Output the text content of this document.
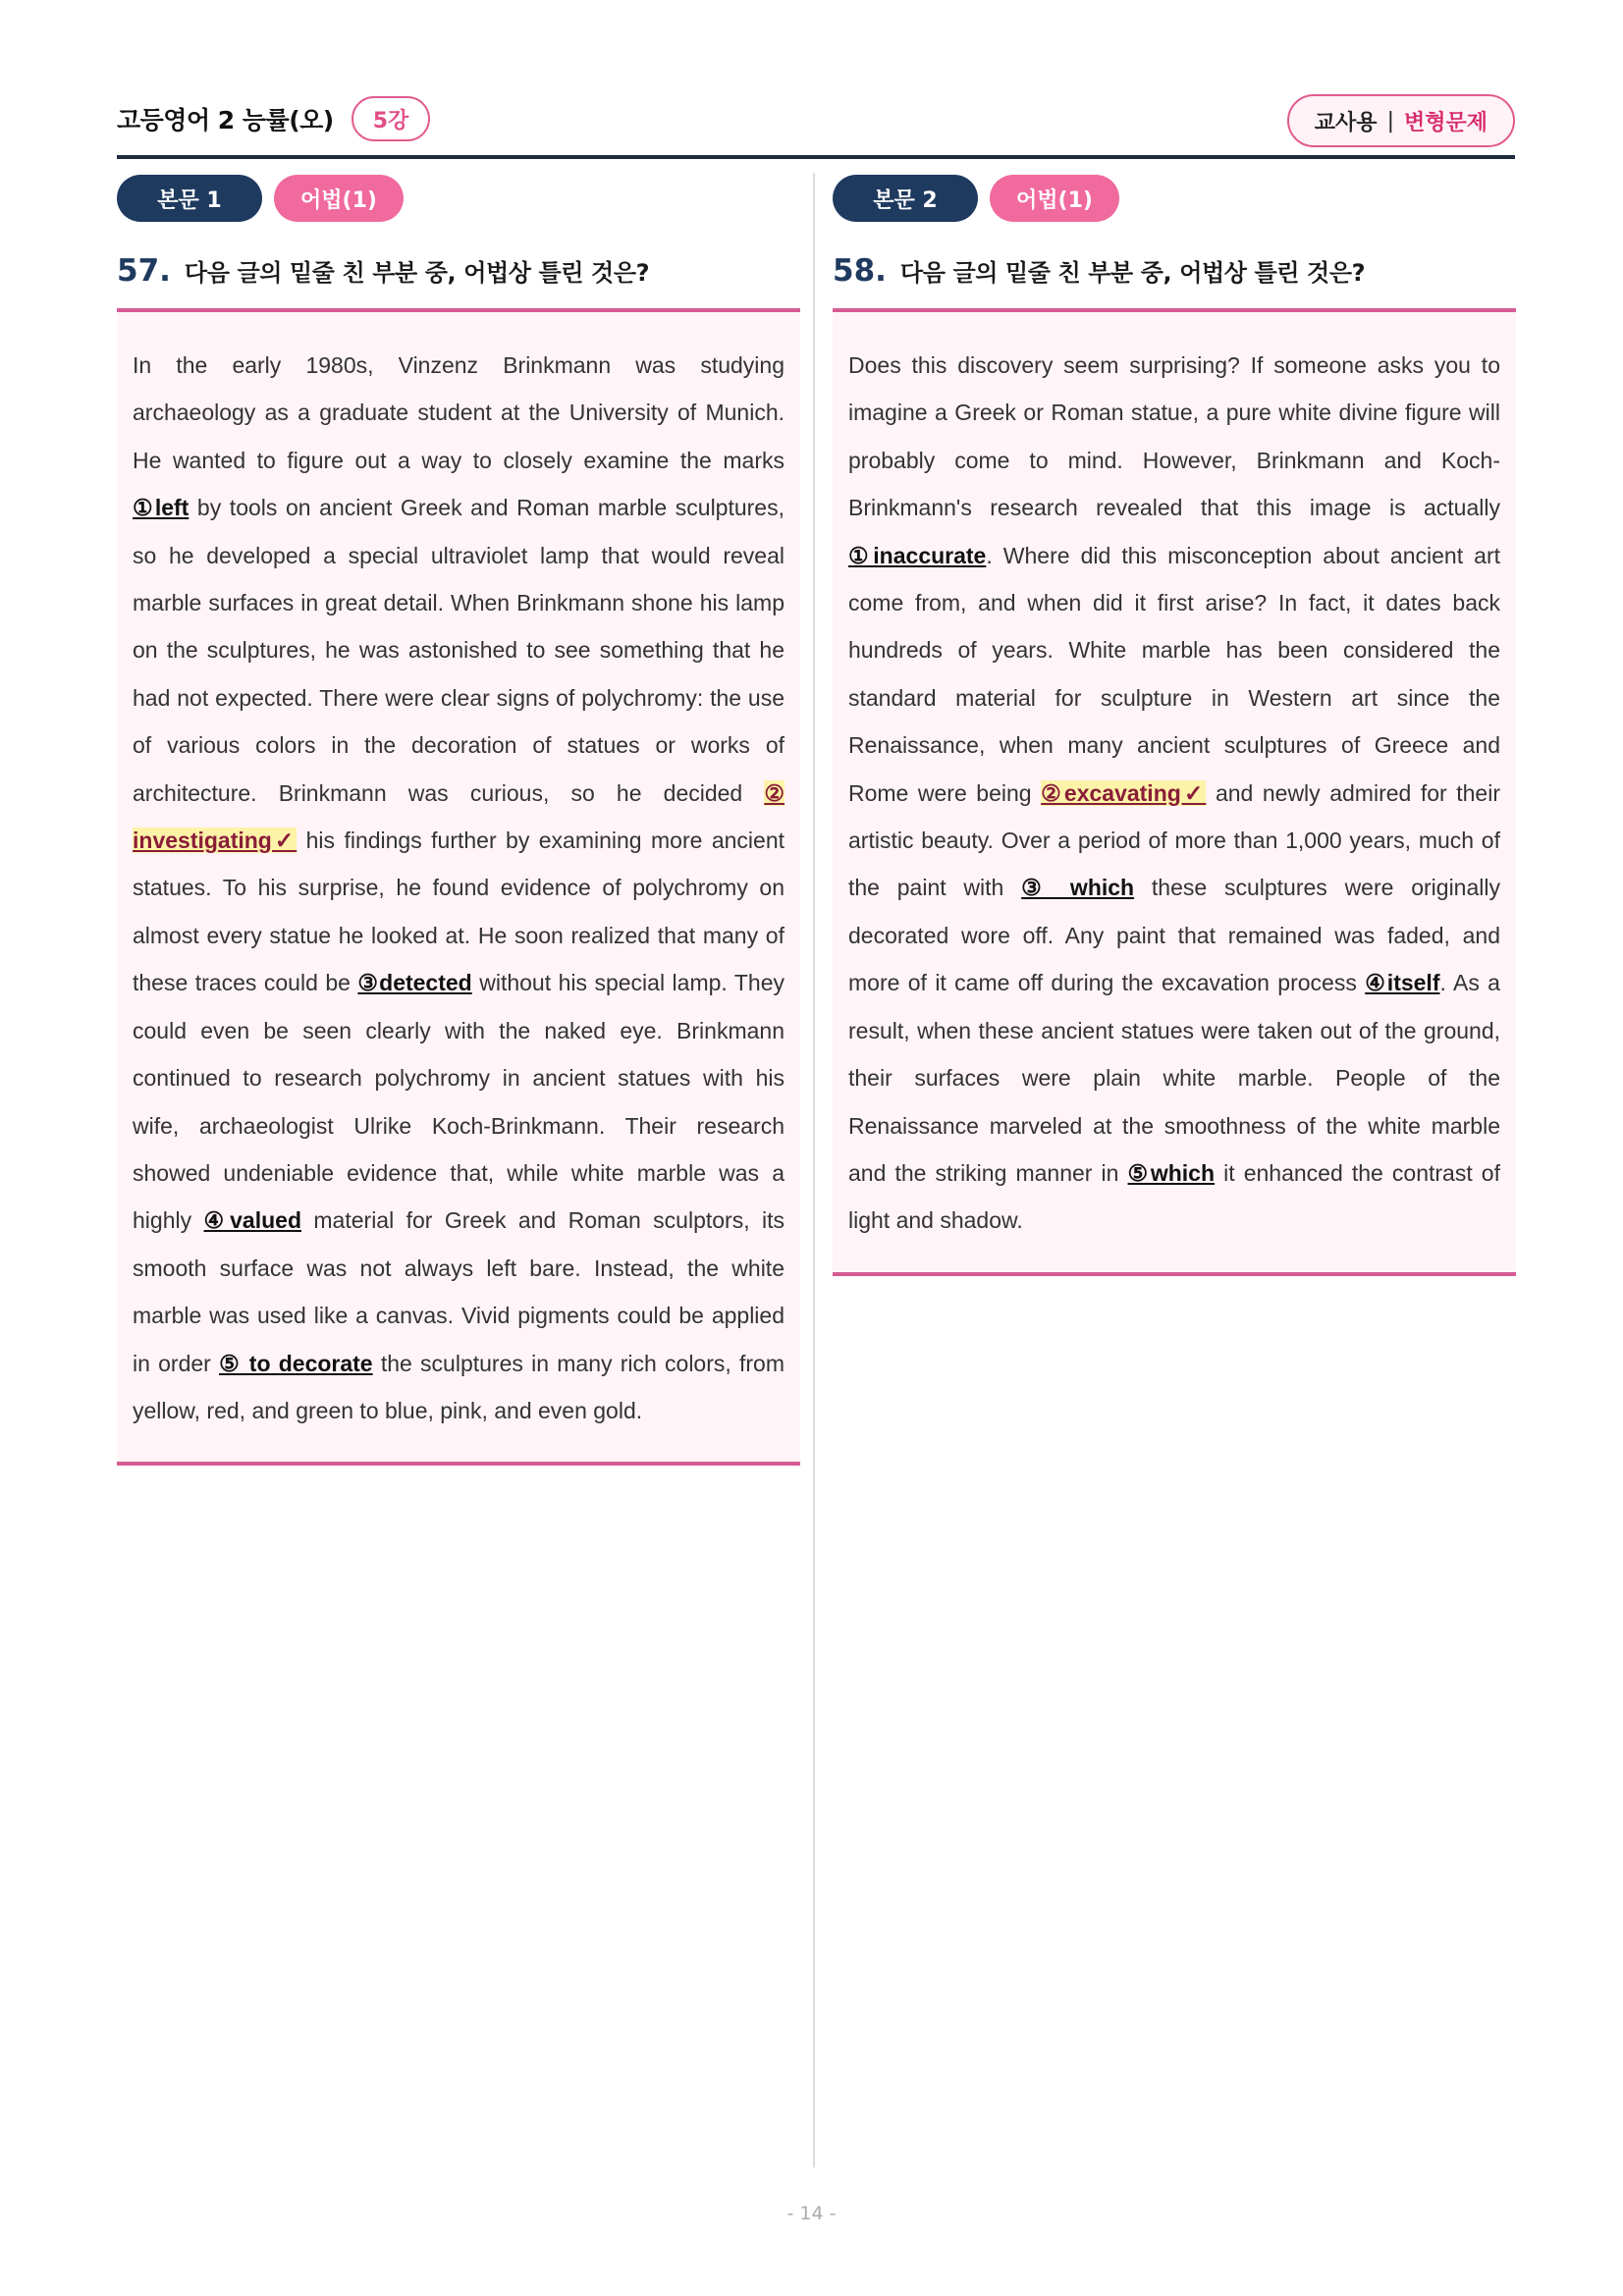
고등영어 2 능률(오)	5강	교사용 | 변형문제
본문 1	어법(1)
57. 다음 글의 밑줄 친 부분 중, 어법상 틀린 것은?

In the early 1980s, Vinzenz Brinkmann was studying archaeology as a graduate student at the University of Munich. He wanted to figure out a way to closely examine the marks ①left by tools on ancient Greek and Roman marble sculptures, so he developed a special ultraviolet lamp that would reveal marble surfaces in great detail. When Brinkmann shone his lamp on the sculptures, he was astonished to see something that he had not expected. There were clear signs of polychromy: the use of various colors in the decoration of statues or works of architecture. Brinkmann was curious, so he decided ② investigating✓ his findings further by examining more ancient statues. To his surprise, he found evidence of polychromy on almost every statue he looked at. He soon realized that many of these traces could be ③detected without his special lamp. They could even be seen clearly with the naked eye. Brinkmann continued to research polychromy in ancient statues with his wife, archaeologist Ulrike Koch-Brinkmann. Their research showed undeniable evidence that, while white marble was a highly ④valued material for Greek and Roman sculptors, its smooth surface was not always left bare. Instead, the white marble was used like a canvas. Vivid pigments could be applied in order ⑤ to decorate the sculptures in many rich colors, from yellow, red, and green to blue, pink, and even gold.

본문 2	어법(1)
58. 다음 글의 밑줄 친 부분 중, 어법상 틀린 것은?

Does this discovery seem surprising? If someone asks you to imagine a Greek or Roman statue, a pure white divine figure will probably come to mind. However, Brinkmann and Koch-Brinkmann's research revealed that this image is actually ①inaccurate. Where did this misconception about ancient art come from, and when did it first arise? In fact, it dates back hundreds of years. White marble has been considered the standard material for sculpture in Western art since the Renaissance, when many ancient sculptures of Greece and Rome were being ②excavating✓ and newly admired for their artistic beauty. Over a period of more than 1,000 years, much of the paint with ③ which these sculptures were originally decorated wore off. Any paint that remained was faded, and more of it came off during the excavation process ④itself. As a result, when these ancient statues were taken out of the ground, their surfaces were plain white marble. People of the Renaissance marveled at the smoothness of the white marble and the striking manner in ⑤which it enhanced the contrast of light and shadow.

- 14 -
